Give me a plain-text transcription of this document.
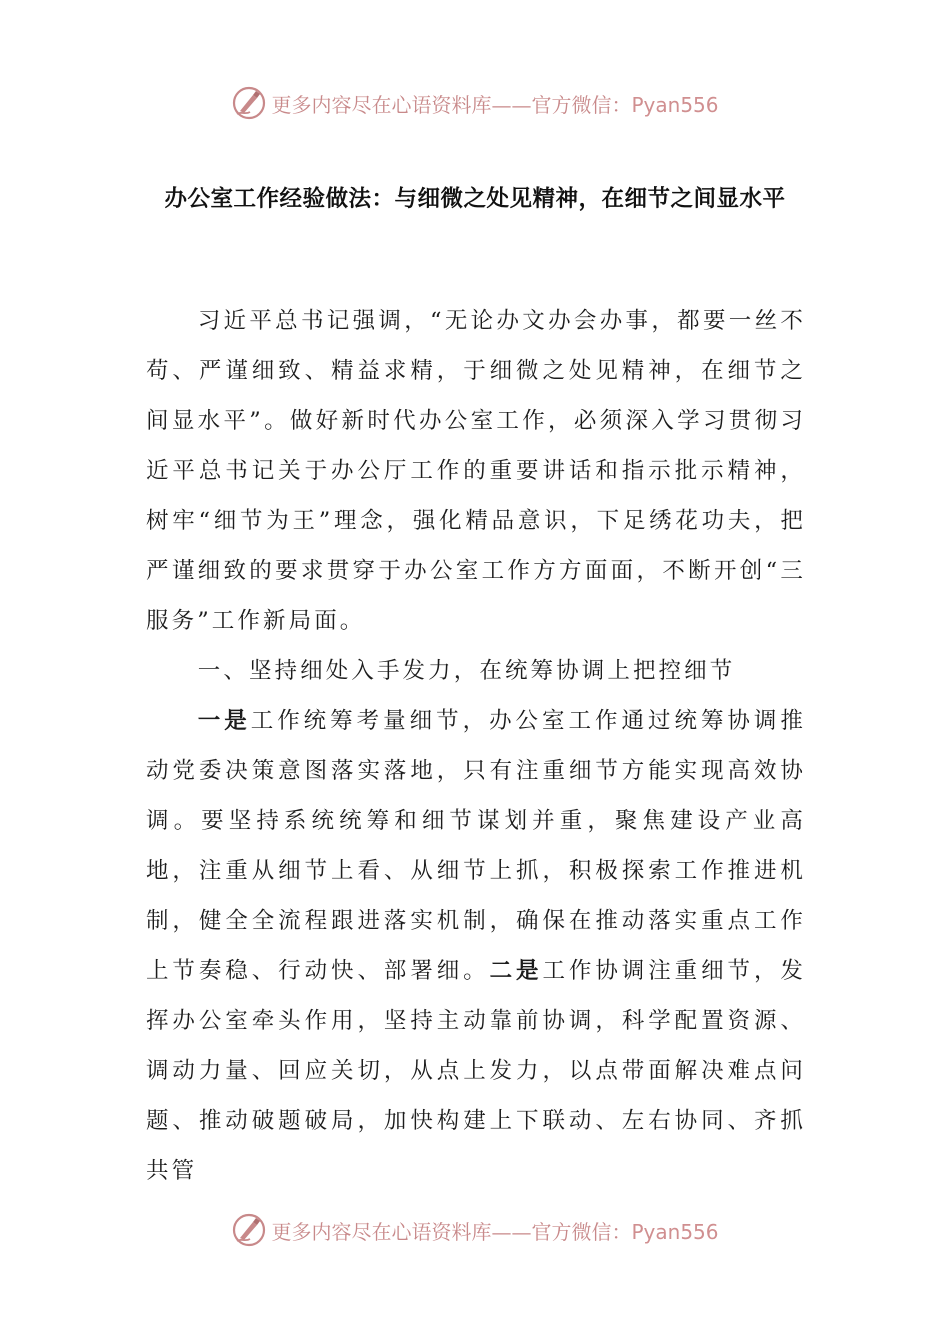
更多内容尽在心语资料库——官方微信：Pyan556
办公室工作经验做法：与细微之处见精神，在细节之间显水平

习近平总书记强调，“无论办文办会办事，都要一丝不苟、严谨细致、精益求精，于细微之处见精神，在细节之间显水平”。做好新时代办公室工作，必须深入学习贯彻习近平总书记关于办公厅工作的重要讲话和指示批示精神，树牢“细节为王”理念，强化精品意识，下足绣花功夫，把严谨细致的要求贯穿于办公室工作方方面面，不断开创“三服务”工作新局面。

一、坚持细处入手发力，在统筹协调上把控细节

一是工作统筹考量细节，办公室工作通过统筹协调推动党委决策意图落实落地，只有注重细节方能实现高效协调。要坚持系统统筹和细节谋划并重，聚焦建设产业高地，注重从细节上看、从细节上抓，积极探索工作推进机制，健全全流程跟进落实机制，确保在推动落实重点工作上节奏稳、行动快、部署细。二是工作协调注重细节，发挥办公室牵头作用，坚持主动靠前协调，科学配置资源、调动力量、回应关切，从点上发力，以点带面解决难点问题、推动破题破局，加快构建上下联动、左右协同、齐抓共管

更多内容尽在心语资料库——官方微信：Pyan556
